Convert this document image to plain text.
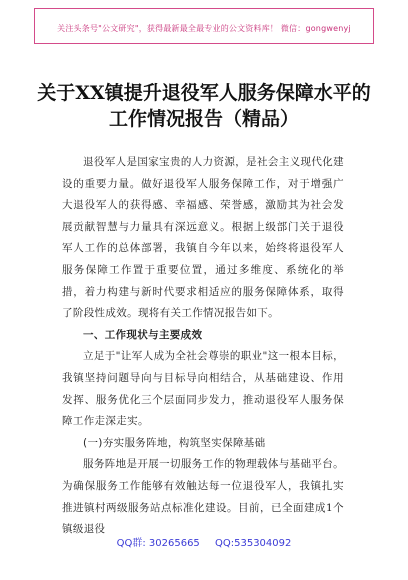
关注头条号"公文研究"，获得最新最全最专业的公文资料库！ 微信：gongwenyj
关于XX镇提升退役军人服务保障水平的
工作情况报告（精品）

退役军人是国家宝贵的人力资源，是社会主义现代化建设的重要力量。做好退役军人服务保障工作，对于增强广大退役军人的获得感、幸福感、荣誉感，激励其为社会发展贡献智慧与力量具有深远意义。根据上级部门关于退役军人工作的总体部署，我镇自今年以来，始终将退役军人服务保障工作置于重要位置，通过多维度、系统化的举措，着力构建与新时代要求相适应的服务保障体系，取得了阶段性成效。现将有关工作情况报告如下。

一、工作现状与主要成效

立足于"让军人成为全社会尊崇的职业"这一根本目标，我镇坚持问题导向与目标导向相结合，从基础建设、作用发挥、服务优化三个层面同步发力，推动退役军人服务保障工作走深走实。

(一)夯实服务阵地，构筑坚实保障基础

服务阵地是开展一切服务工作的物理载体与基础平台。为确保服务工作能够有效触达每一位退役军人，我镇扎实推进镇村两级服务站点标准化建设。目前，已全面建成1个镇级退役

QQ群: 30265665 QQ:535304092
